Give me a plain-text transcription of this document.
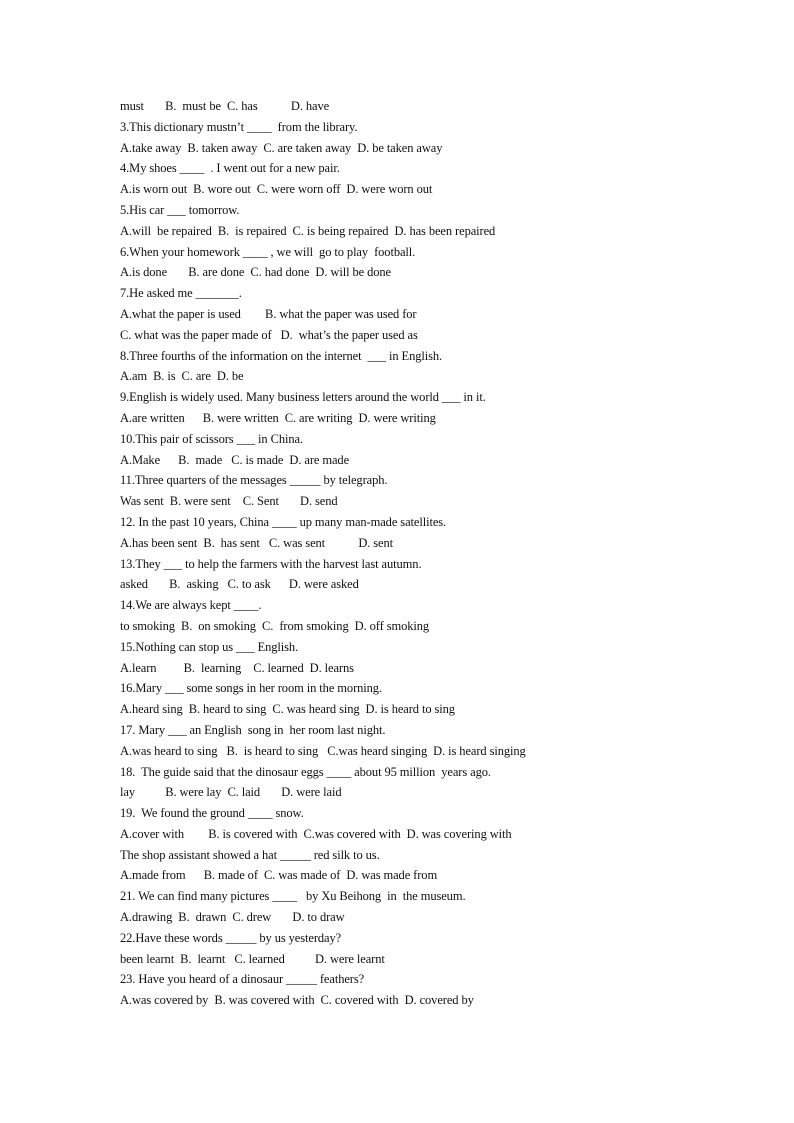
must       B.  must be  C. has           D. have
3.This dictionary mustn’t ____  from the library.
A.take away  B. taken away  C. are taken away  D. be taken away
4.My shoes ____  . I went out for a new pair.
A.is worn out  B. wore out  C. were worn off  D. were worn out
5.His car ___ tomorrow.
A.will  be repaired  B.  is repaired  C. is being repaired  D. has been repaired
6.When your homework ____ , we will  go to play  football.
A.is done       B. are done  C. had done  D. will be done
7.He asked me _______.
A.what the paper is used        B. what the paper was used for
C. what was the paper made of   D.  what’s the paper used as
8.Three fourths of the information on the internet  ___ in English.
A.am  B. is  C. are  D. be
9.English is widely used. Many business letters around the world ___ in it.
A.are written      B. were written  C. are writing  D. were writing
10.This pair of scissors ___ in China.
A.Make      B.  made   C. is made  D. are made
11.Three quarters of the messages _____ by telegraph.
Was sent  B. were sent    C. Sent       D. send
12. In the past 10 years, China ____ up many man-made satellites.
A.has been sent  B.  has sent   C. was sent           D. sent
13.They ___ to help the farmers with the harvest last autumn.
asked       B.  asking   C. to ask      D. were asked
14.We are always kept ____.
to smoking  B.  on smoking  C.  from smoking  D. off smoking
15.Nothing can stop us ___ English.
A.learn         B.  learning    C. learned  D. learns
16.Mary ___ some songs in her room in the morning.
A.heard sing  B. heard to sing  C. was heard sing  D. is heard to sing
17. Mary ___ an English  song in  her room last night.
A.was heard to sing   B.  is heard to sing   C.was heard singing  D. is heard singing
18.  The guide said that the dinosaur eggs ____ about 95 million  years ago.
lay          B. were lay  C. laid       D. were laid
19.  We found the ground ____ snow.
A.cover with        B. is covered with  C.was covered with  D. was covering with
The shop assistant showed a hat _____ red silk to us.
A.made from      B. made of  C. was made of  D. was made from
21. We can find many pictures ____   by Xu Beihong  in  the museum.
A.drawing  B.  drawn  C. drew       D. to draw
22.Have these words _____ by us yesterday?
been learnt  B.  learnt   C. learned          D. were learnt
23. Have you heard of a dinosaur _____ feathers?
A.was covered by  B. was covered with  C. covered with  D. covered by
